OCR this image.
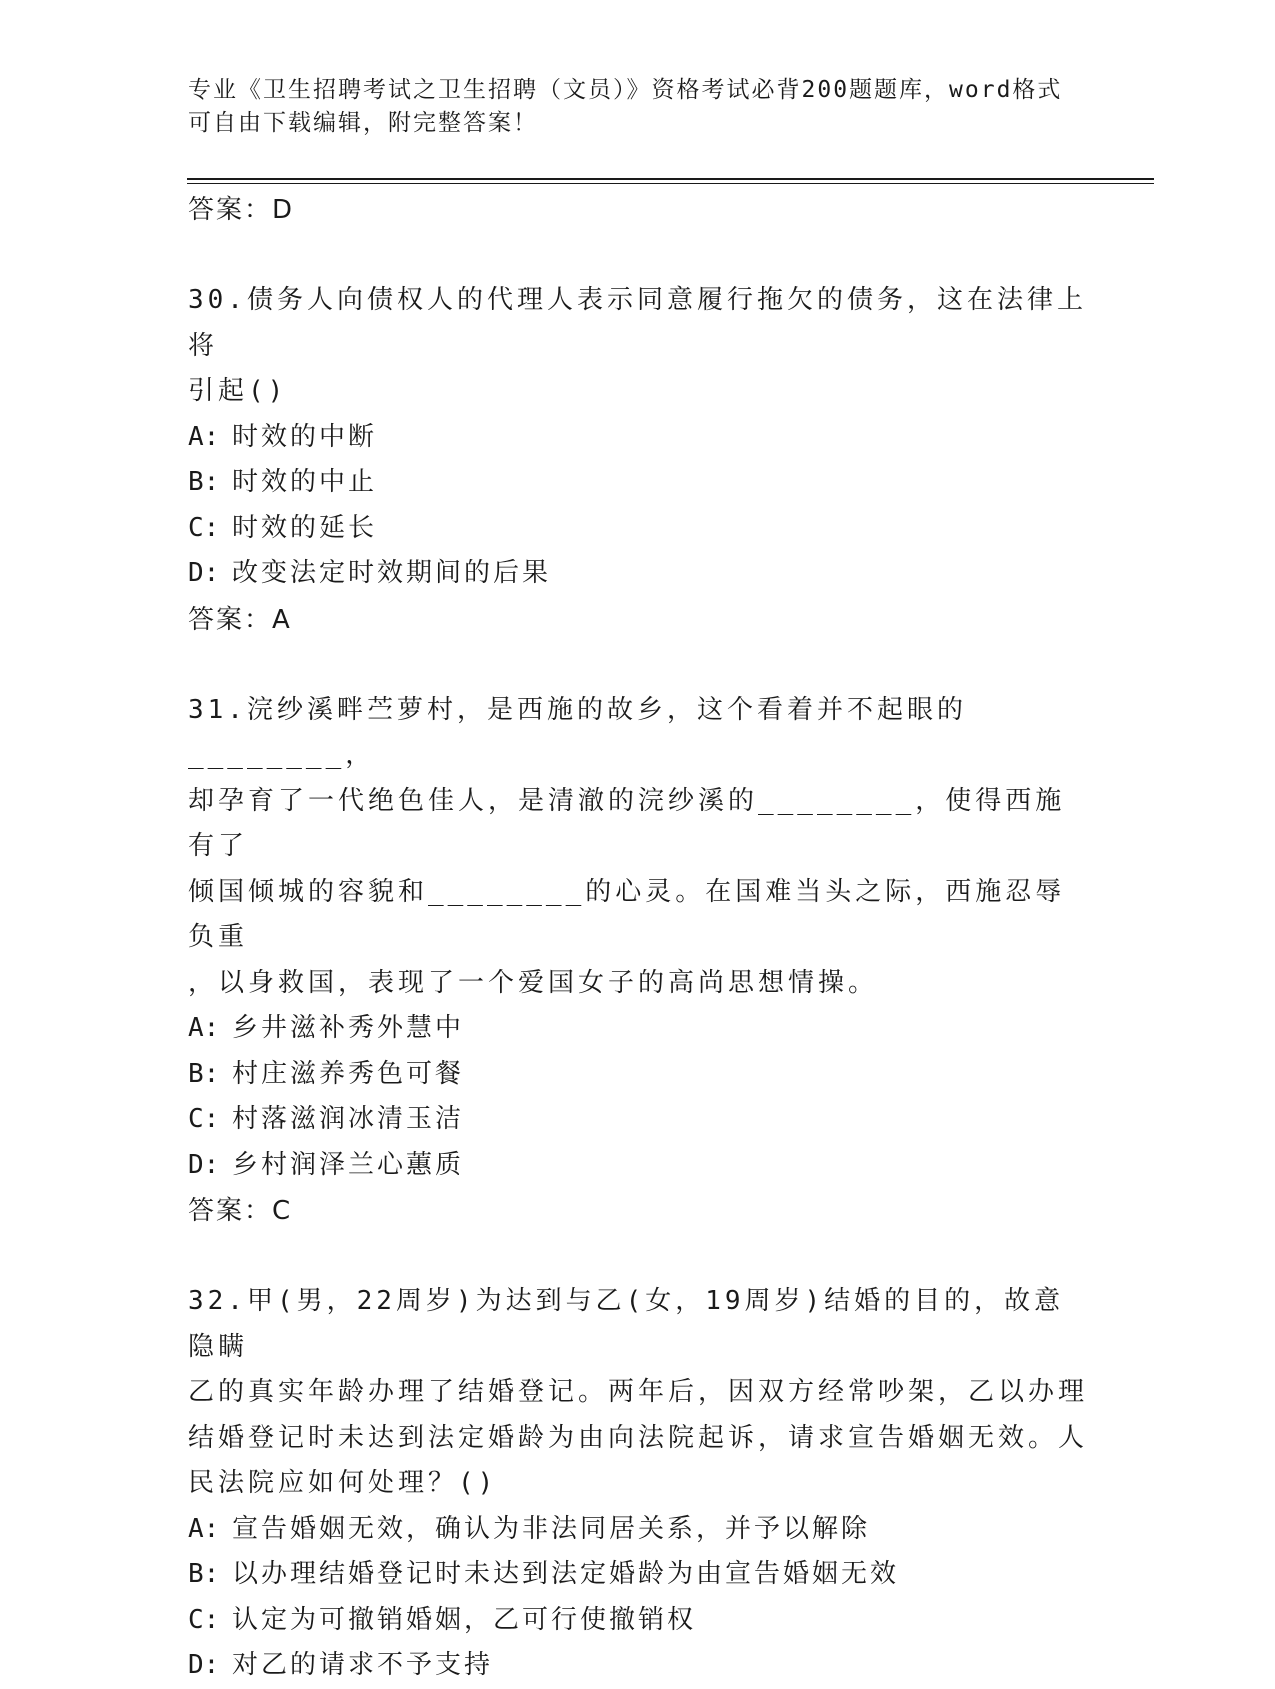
专业《卫生招聘考试之卫生招聘（文员）》资格考试必背200题题库，word格式
可自由下载编辑，附完整答案！
答案：D
30.债务人向债权人的代理人表示同意履行拖欠的债务，这在法律上将
引起()
A: 时效的中断
B: 时效的中止
C: 时效的延长
D: 改变法定时效期间的后果
答案：A
31.浣纱溪畔苎萝村，是西施的故乡，这个看着并不起眼的________，
却孕育了一代绝色佳人，是清澈的浣纱溪的________，使得西施有了
倾国倾城的容貌和________的心灵。在国难当头之际，西施忍辱负重
，以身救国，表现了一个爱国女子的高尚思想情操。
A: 乡井滋补秀外慧中
B: 村庄滋养秀色可餐
C: 村落滋润冰清玉洁
D: 乡村润泽兰心蕙质
答案：C
32.甲(男，22周岁)为达到与乙(女，19周岁)结婚的目的，故意隐瞒
乙的真实年龄办理了结婚登记。两年后，因双方经常吵架，乙以办理
结婚登记时未达到法定婚龄为由向法院起诉，请求宣告婚姻无效。人
民法院应如何处理？()
A: 宣告婚姻无效，确认为非法同居关系，并予以解除
B: 以办理结婚登记时未达到法定婚龄为由宣告婚姻无效
C: 认定为可撤销婚姻，乙可行使撤销权
D: 对乙的请求不予支持
